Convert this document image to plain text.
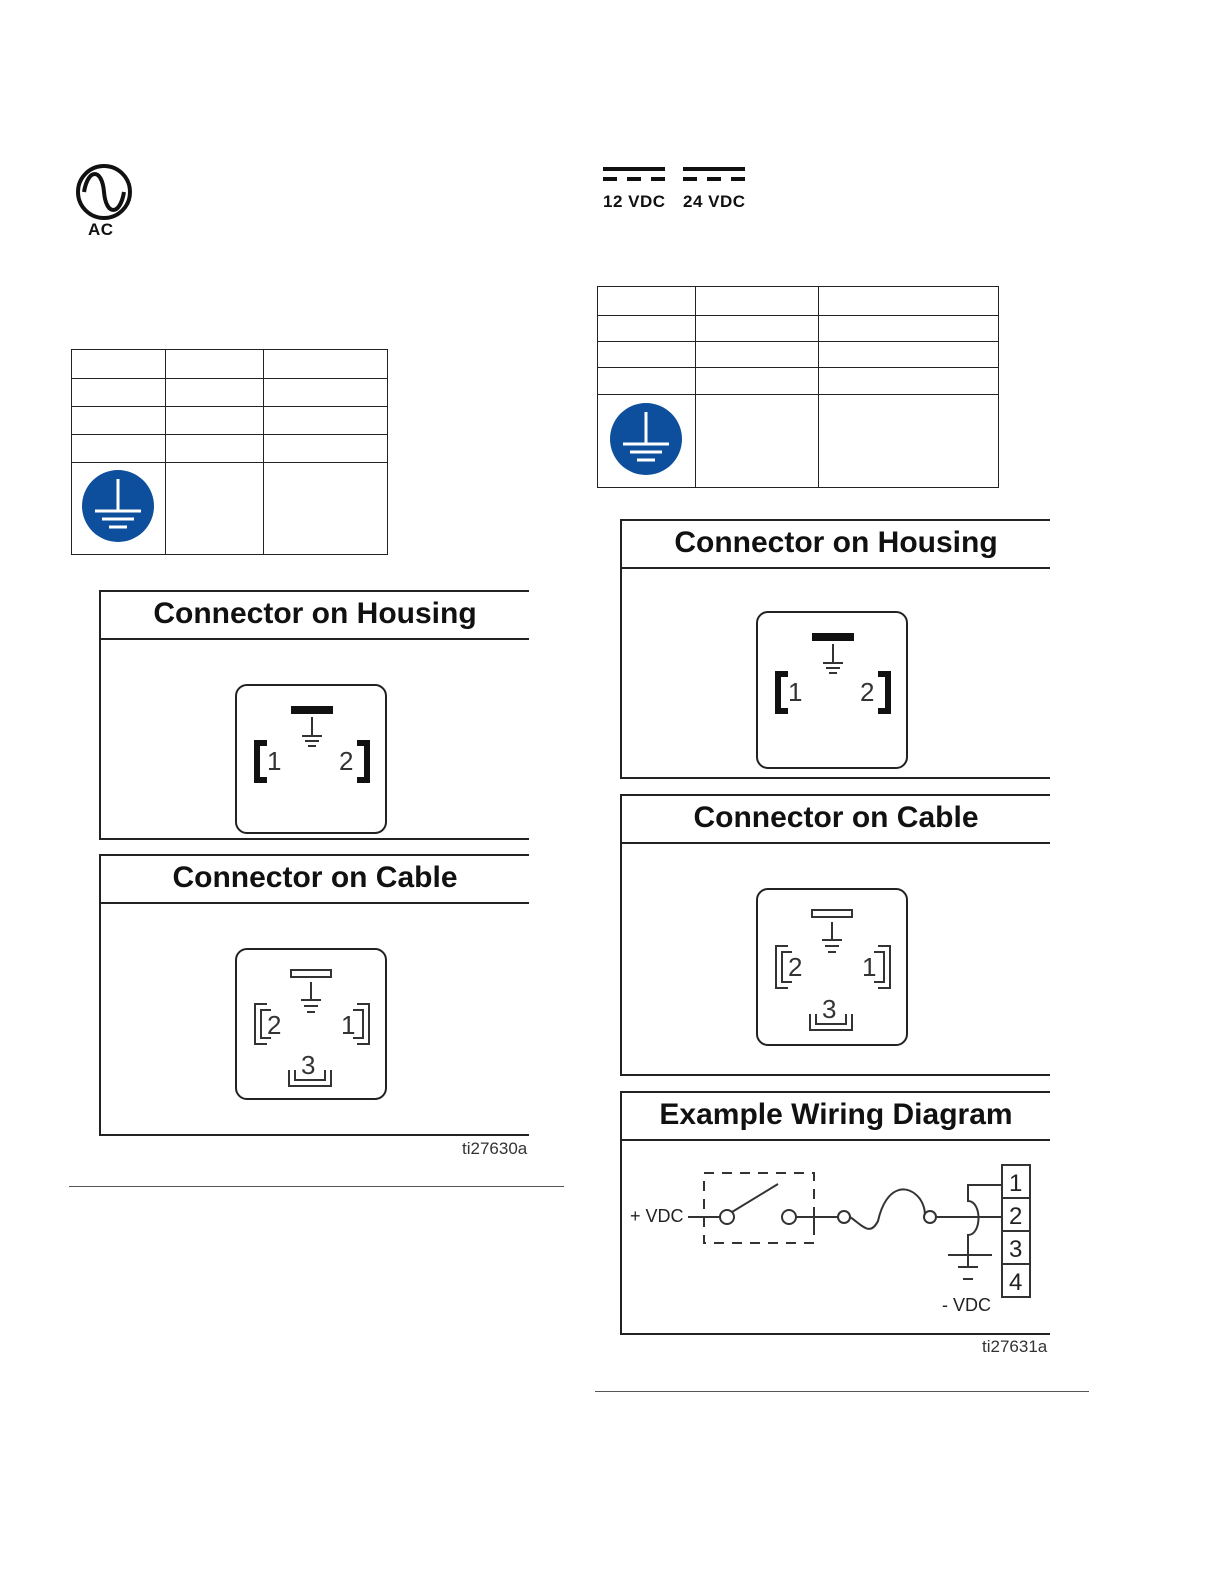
AC

Connector on Housing
1 2
Connector on Cable
2 1
3
ti27630a
12 VDC 24 VDC

Connector on Housing
1 2
Connector on Cable
2 1
3
Example Wiring Diagram
+ VDC
- VDC
1
2
3
4
ti27631a
